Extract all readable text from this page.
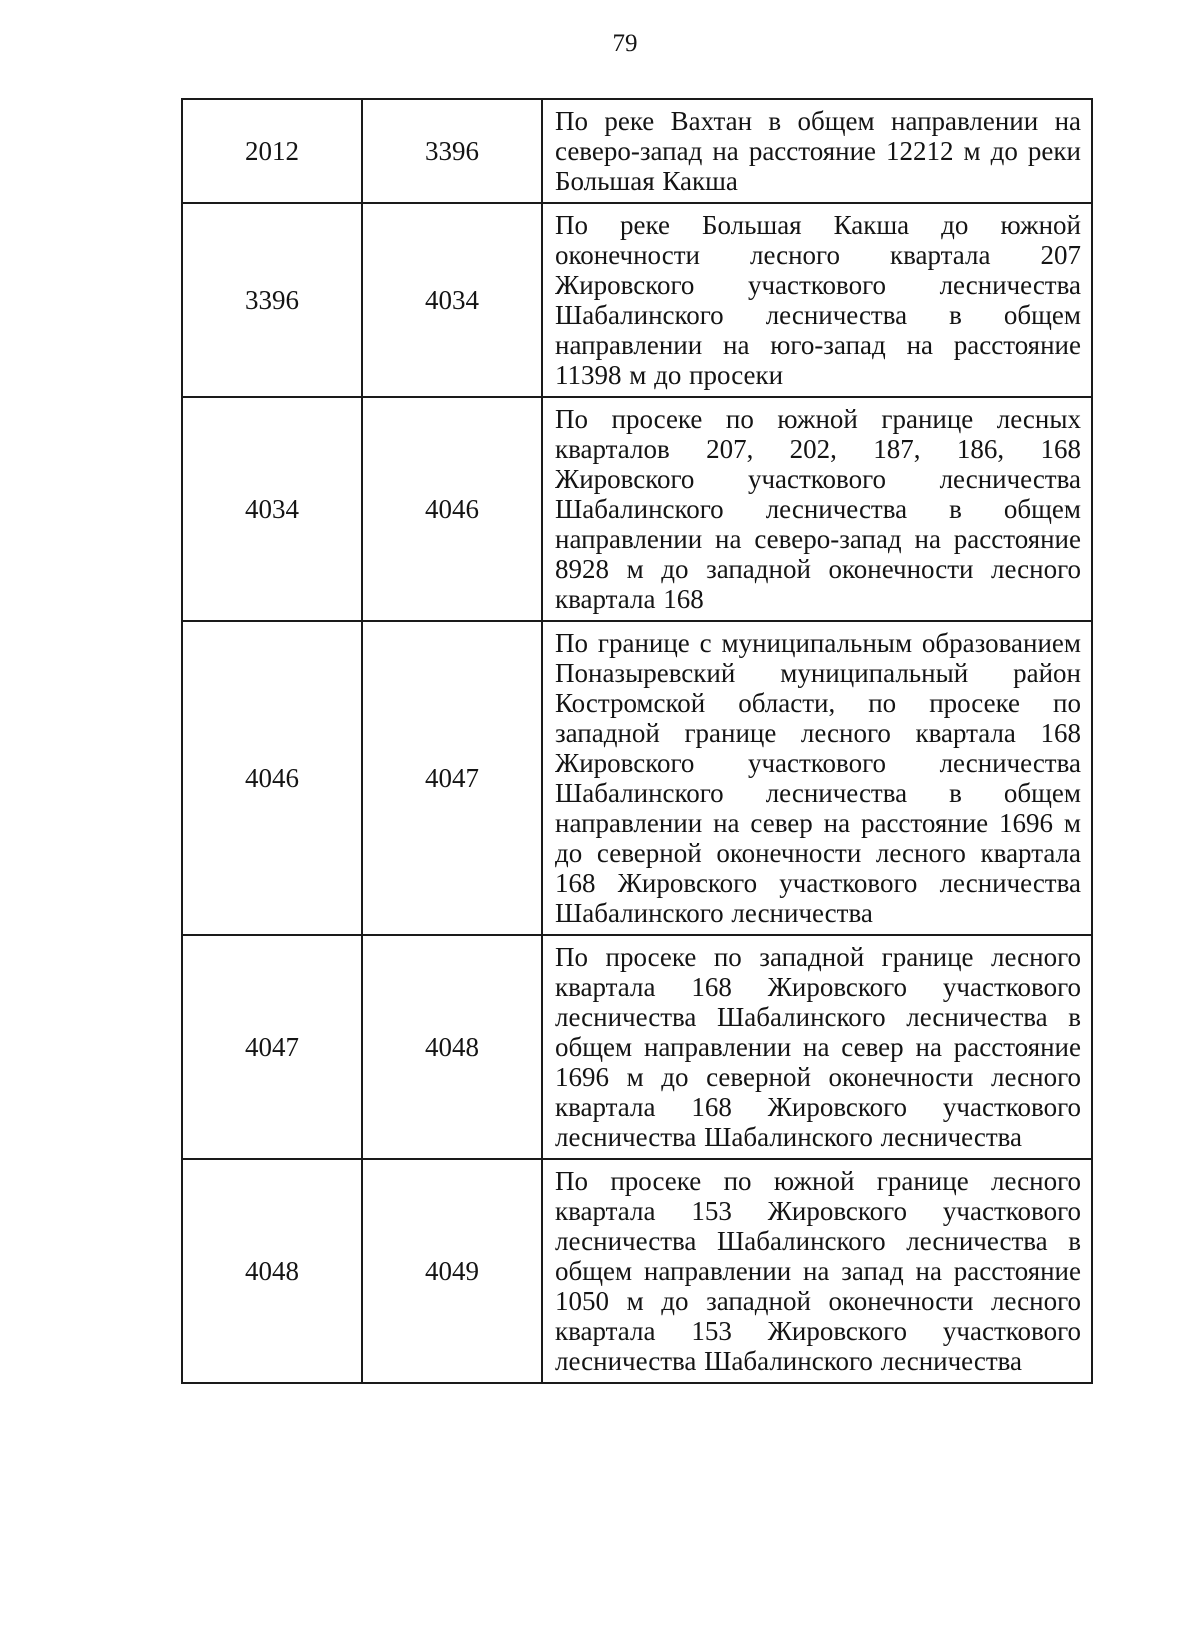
79
2012	3396	По реке Вахтан в общем направлении на северо-запад на расстояние 12212 м до реки Большая Какша
3396	4034	По реке Большая Какша до южной оконечности лесного квартала 207 Жировского участкового лесничества Шабалинского лесничества в общем направлении на юго-запад на расстояние 11398 м до просеки
4034	4046	По просеке по южной границе лесных кварталов 207, 202, 187, 186, 168 Жировского участкового лесничества Шабалинского лесничества в общем направлении на северо-запад на расстояние 8928 м до западной оконечности лесного квартала 168
4046	4047	По границе с муниципальным образованием Поназыревский муниципальный район Костромской области, по просеке по западной границе лесного квартала 168 Жировского участкового лесничества Шабалинского лесничества в общем направлении на север на расстояние 1696 м до северной оконечности лесного квартала 168 Жировского участкового лесничества Шабалинского лесничества
4047	4048	По просеке по западной границе лесного квартала 168 Жировского участкового лесничества Шабалинского лесничества в общем направлении на север на расстояние 1696 м до северной оконечности лесного квартала 168 Жировского участкового лесничества Шабалинского лесничества
4048	4049	По просеке по южной границе лесного квартала 153 Жировского участкового лесничества Шабалинского лесничества в общем направлении на запад на расстояние 1050 м до западной оконечности лесного квартала 153 Жировского участкового лесничества Шабалинского лесничества
